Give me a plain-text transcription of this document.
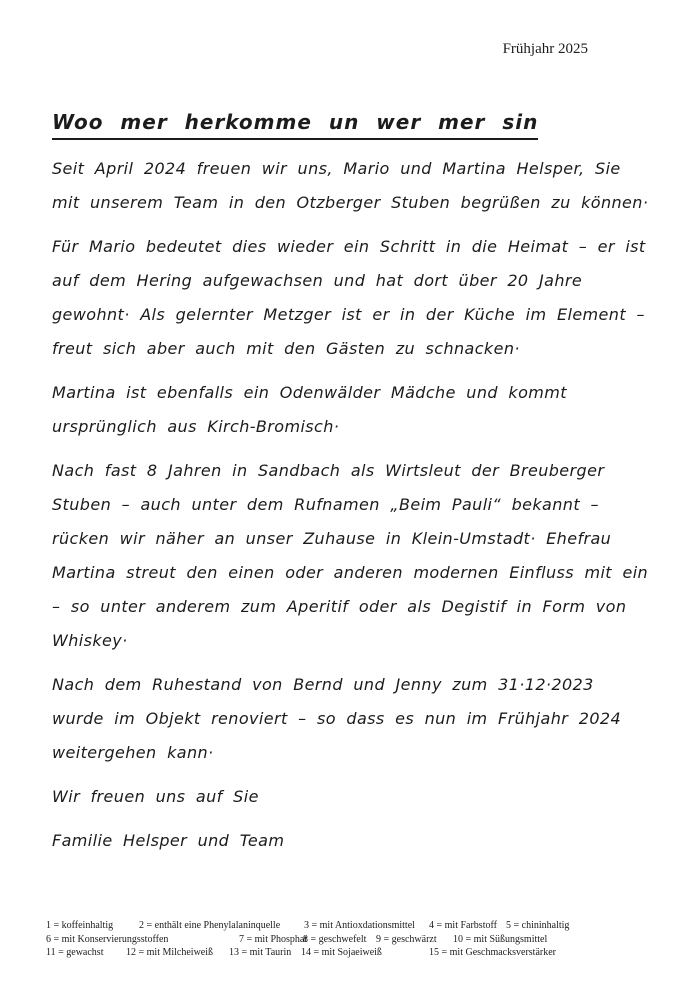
Frühjahr 2025
Woo mer herkomme un wer mer sin

Seit April 2024 freuen wir uns, Mario und Martina Helsper, Sie
mit unserem Team in den Otzberger Stuben begrüßen zu können·

Für Mario bedeutet dies wieder ein Schritt in die Heimat – er ist
auf dem Hering aufgewachsen und hat dort über 20 Jahre
gewohnt· Als gelernter Metzger ist er in der Küche im Element –
freut sich aber auch mit den Gästen zu schnacken·

Martina ist ebenfalls ein Odenwälder Mädche und kommt
ursprünglich aus Kirch-Bromisch·

Nach fast 8 Jahren in Sandbach als Wirtsleut der Breuberger
Stuben – auch unter dem Rufnamen „Beim Pauli“ bekannt –
rücken wir näher an unser Zuhause in Klein-Umstadt· Ehefrau
Martina streut den einen oder anderen modernen Einfluss mit ein
– so unter anderem zum Aperitif oder als Degistif in Form von
Whiskey·

Nach dem Ruhestand von Bernd und Jenny zum 31·12·2023
wurde im Objekt renoviert – so dass es nun im Frühjahr 2024
weitergehen kann·

Wir freuen uns auf Sie

Familie Helsper und Team

1 = koffeinhaltig	2 = enthält eine Phenylalaninquelle	3 = mit Antioxdationsmittel	4 = mit Farbstoff 5 = chininhaltig
6 = mit Konservierungsstoffen	7 = mit Phosphat
8 = geschwefelt 9 = geschwärzt	10 = mit Süßungsmittel
11 = gewachst	12 = mit Milcheiweiß	13 = mit Taurin 14 = mit Sojaeiweiß	15 = mit Geschmacksverstärker
